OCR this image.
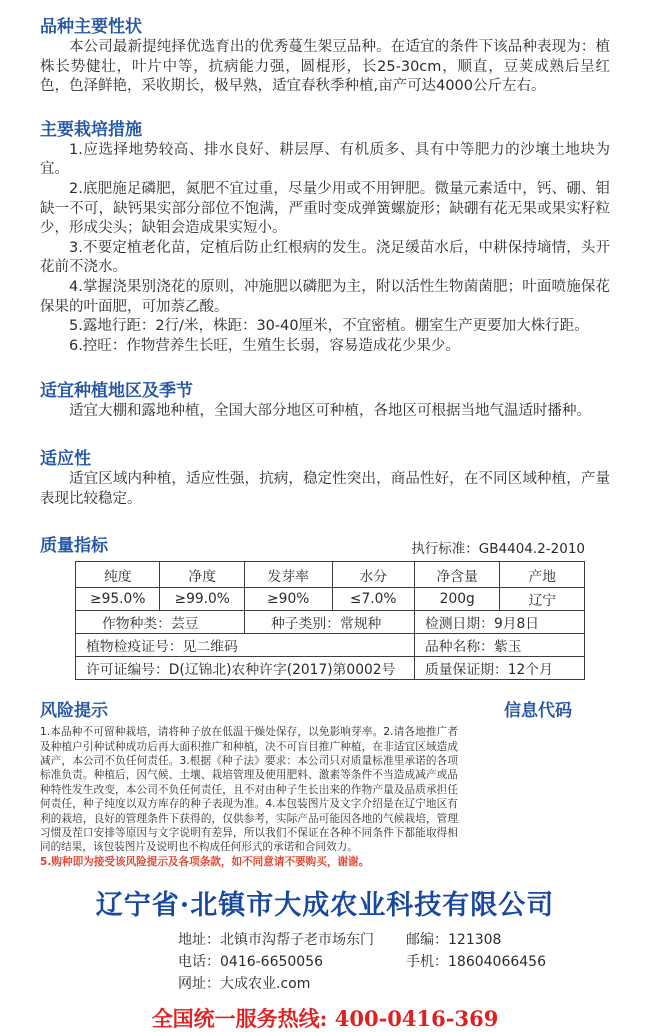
品种主要性状

本公司最新提纯择优选育出的优秀蔓生架豆品种。在适宜的条件下该品种表现为：植株长势健壮，叶片中等，抗病能力强，圆棍形，长25-30cm，顺直，豆荚成熟后呈红色，色泽鲜艳，采收期长，极早熟，适宜春秋季种植,亩产可达4000公斤左右。

主要栽培措施

1.应选择地势较高、排水良好、耕层厚、有机质多、具有中等肥力的沙壤土地块为宜。

2.底肥施足磷肥，氮肥不宜过重，尽量少用或不用钾肥。微量元素适中，钙、硼、钼缺一不可，缺钙果实部分部位不饱满，严重时变成弹簧螺旋形；缺硼有花无果或果实籽粒少，形成尖头；缺钼会造成果实短小。

3.不要定植老化苗，定植后防止红根病的发生。浇足缓苗水后，中耕保持墒情，头开花前不浇水。

4.掌握浇果别浇花的原则，冲施肥以磷肥为主，附以活性生物菌菌肥；叶面喷施保花保果的叶面肥，可加萘乙酸。

5.露地行距：2行/米，株距：30-40厘米，不宜密植。棚室生产更要加大株行距。

6.控旺：作物营养生长旺，生殖生长弱，容易造成花少果少。

适宜种植地区及季节

适宜大棚和露地种植，全国大部分地区可种植，各地区可根据当地气温适时播种。

适应性

适宜区域内种植，适应性强，抗病，稳定性突出，商品性好，在不同区域种植，产量表现比较稳定。

质量指标	执行标准：GB4404.2-2010
纯度	净度	发芽率	水分	净含量	产地
≥95.0%	≥99.0%	≥90%	≤7.0%	200g	辽宁
作物种类：芸豆		种子类别：常规种		检测日期：9月8日	
植物检疫证号：见二维码				品种名称：紫玉	
许可证编号：D(辽锦北)农种许字(2017)第0002号				质量保证期：12个月	
风险提示	信息代码

1.本品种不可留种栽培，请将种子放在低温干燥处保存，以免影响芽率。2.请各地推广者及种植户引种试种成功后再大面积推广和种植，决不可盲目推广种植，在非适宜区域造成减产，本公司不负任何责任。3.根据《种子法》要求：本公司只对质量标准里承诺的各项标准负责。种植后，因气候、土壤、栽培管理及使用肥料、激素等条件不当造成减产或品种特性发生改变，本公司不负任何责任，且不对由种子生长出来的作物产量及品质承担任何责任，种子纯度以双方库存的种子表现为准。4.本包装图片及文字介绍是在辽宁地区有利的栽培，良好的管理条件下获得的，仅供参考，实际产品可能因各地的气候栽培，管理习惯及茬口安排等原因与文字说明有差异，所以我们不保证在各种不同条件下都能取得相同的结果，该包装图片及说明也不构成任何形式的承诺和合同效力。

5.购种即为接受该风险提示及各项条款，如不同意请不要购买，谢谢。

辽宁省·北镇市大成农业科技有限公司
地址：北镇市沟帮子老市场东门	邮编：121308
电话：0416-6650056	手机：18604066456
网址：大成农业.com
全国统一服务热线: 400-0416-369
